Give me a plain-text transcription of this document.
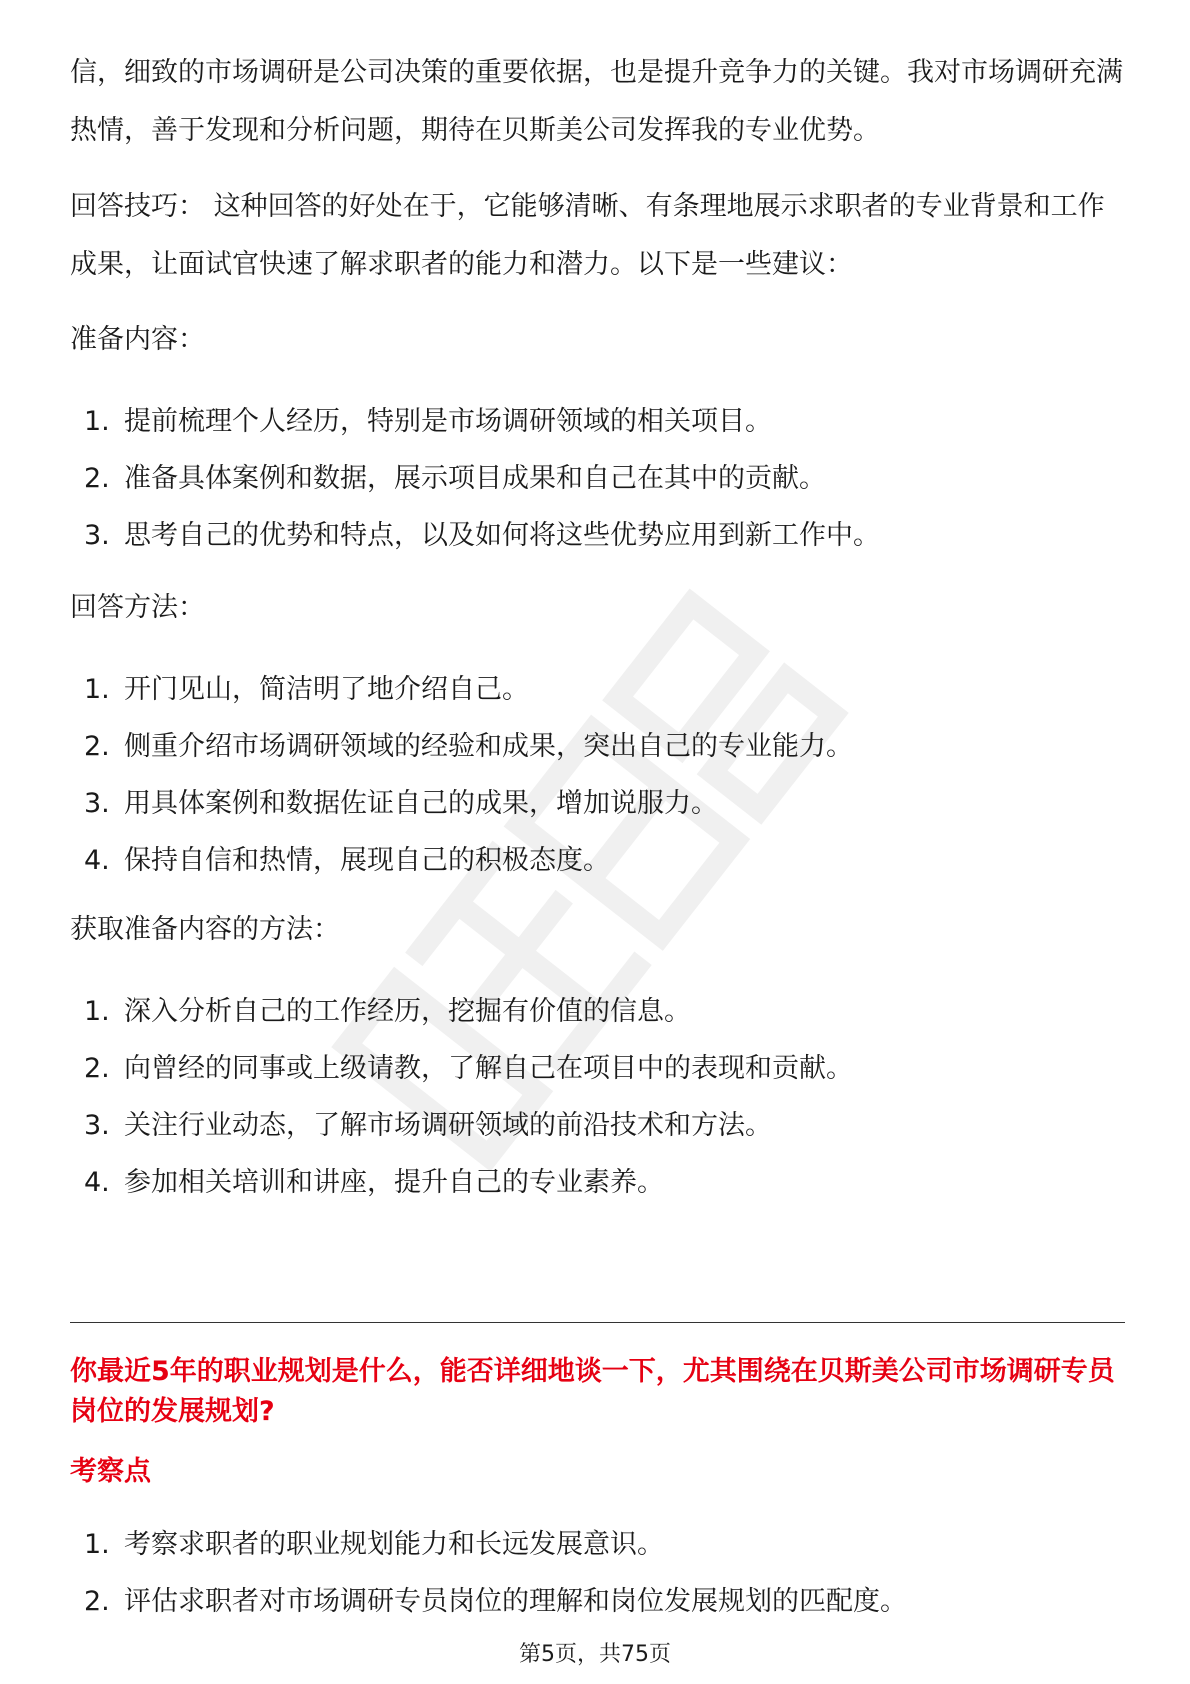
信，细致的市场调研是公司决策的重要依据，也是提升竞争力的关键。我对市场调研充满热情，善于发现和分析问题，期待在贝斯美公司发挥我的专业优势。

回答技巧： 这种回答的好处在于，它能够清晰、有条理地展示求职者的专业背景和工作成果，让面试官快速了解求职者的能力和潜力。以下是一些建议：

准备内容：

1. 提前梳理个人经历，特别是市场调研领域的相关项目。
2. 准备具体案例和数据，展示项目成果和自己在其中的贡献。
3. 思考自己的优势和特点，以及如何将这些优势应用到新工作中。

回答方法：

1. 开门见山，简洁明了地介绍自己。
2. 侧重介绍市场调研领域的经验和成果，突出自己的专业能力。
3. 用具体案例和数据佐证自己的成果，增加说服力。
4. 保持自信和热情，展现自己的积极态度。

获取准备内容的方法：

1. 深入分析自己的工作经历，挖掘有价值的信息。
2. 向曾经的同事或上级请教，了解自己在项目中的表现和贡献。
3. 关注行业动态，了解市场调研领域的前沿技术和方法。
4. 参加相关培训和讲座，提升自己的专业素养。

你最近5年的职业规划是什么，能否详细地谈一下，尤其围绕在贝斯美公司市场调研专员岗位的发展规划?

考察点

1. 考察求职者的职业规划能力和长远发展意识。
2. 评估求职者对市场调研专员岗位的理解和岗位发展规划的匹配度。
第5页，共75页
